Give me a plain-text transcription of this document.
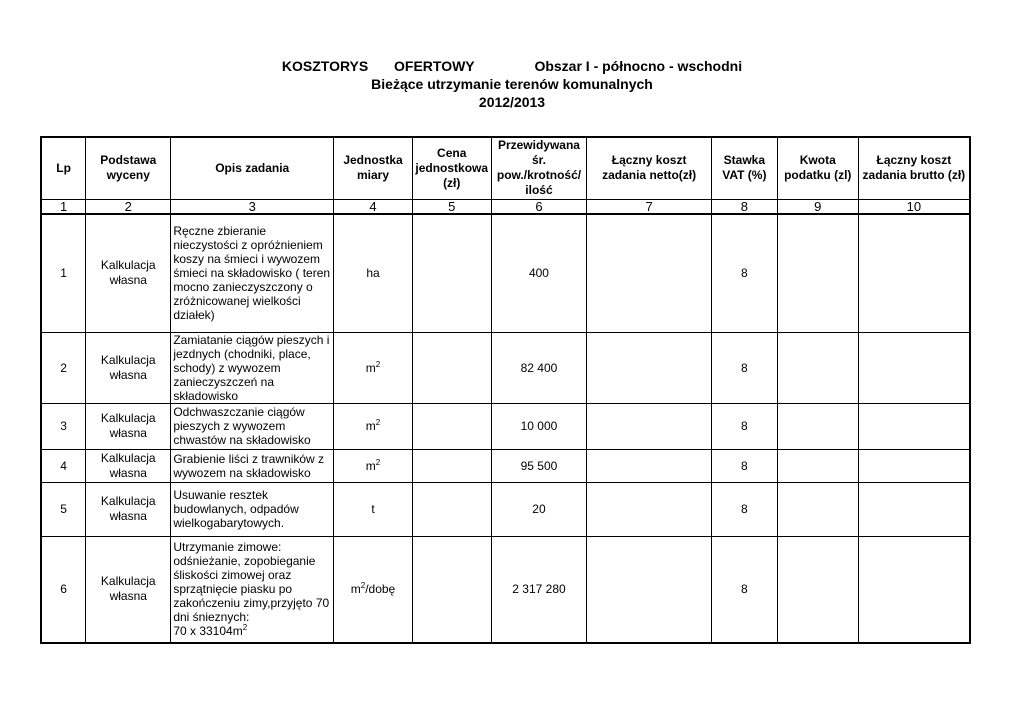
KOSZTORYS OFERTOWY	Obszar I - północno - wschodni
Bieżące utrzymanie terenów komunalnych
2012/2013
Lp	Podstawa wyceny	Opis zadania	Jednostka miary	Cena jednostkowa (zł)	Przewidywana śr. pow./krotność/ ilość	Łączny koszt zadania netto(zł)	Stawka VAT (%)	Kwota podatku (zl)	Łączny koszt zadania brutto (zł)
1	2	3	4	5	6	7	8	9	10
1	Kalkulacja własna	Ręczne zbieranie nieczystości z opróżnieniem koszy na śmieci i wywozem śmieci na składowisko ( teren mocno zanieczyszczony o zróżnicowanej wielkości działek)	ha		400		8		
2	Kalkulacja własna	Zamiatanie ciągów pieszych i jezdnych (chodniki, place, schody) z wywozem zanieczyszczeń na składowisko	$m^2$		82 400		8		
3	Kalkulacja własna	Odchwaszczanie ciągów pieszych z wywozem chwastów na składowisko	$m^2$		10 000		8		
4	Kalkulacja własna	Grabienie liści z trawników z wywozem na składowisko	$m^2$		95 500		8		
5	Kalkulacja własna	Usuwanie resztek budowlanych, odpadów wielkogabarytowych.	t		20		8		
6	Kalkulacja własna	Utrzymanie zimowe: odśnieżanie, zopobieganie śliskości zimowej oraz sprzątnięcie piasku po zakończeniu zimy,przyjęto 70 dni śnieznych:
70 x $33104m^2$	$m^2$/dobę		2 317 280		8		
